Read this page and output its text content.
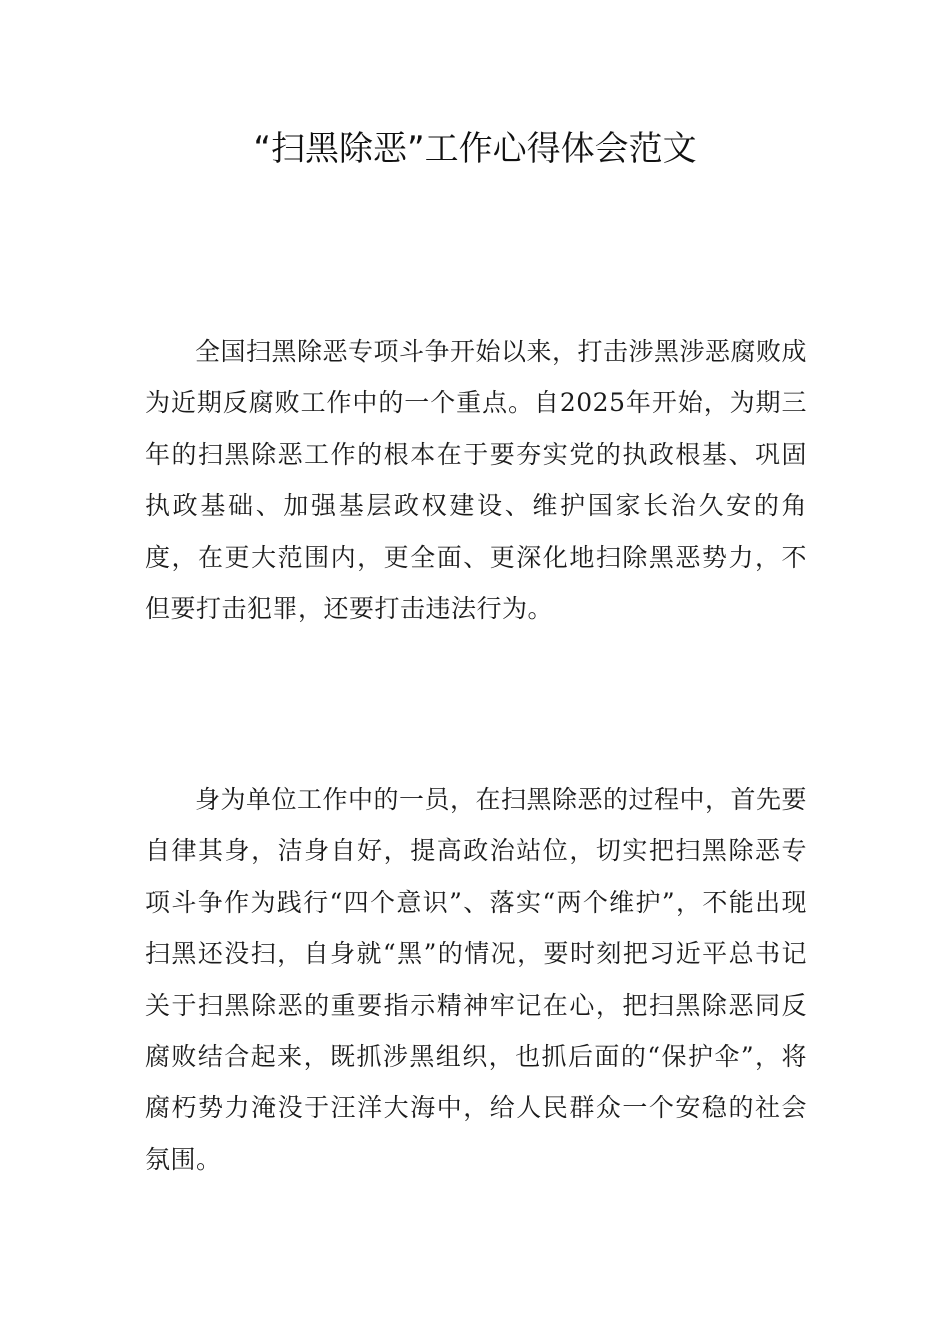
“扫黑除恶”工作心得体会范文

全国扫黑除恶专项斗争开始以来，打击涉黑涉恶腐败成为近期反腐败工作中的一个重点。自2025年开始，为期三年的扫黑除恶工作的根本在于要夯实党的执政根基、巩固执政基础、加强基层政权建设、维护国家长治久安的角度，在更大范围内，更全面、更深化地扫除黑恶势力，不但要打击犯罪，还要打击违法行为。

身为单位工作中的一员，在扫黑除恶的过程中，首先要自律其身，洁身自好，提高政治站位，切实把扫黑除恶专项斗争作为践行“四个意识”、落实“两个维护”，不能出现扫黑还没扫，自身就“黑”的情况，要时刻把习近平总书记关于扫黑除恶的重要指示精神牢记在心，把扫黑除恶同反腐败结合起来，既抓涉黑组织，也抓后面的“保护伞”，将腐朽势力淹没于汪洋大海中，给人民群众一个安稳的社会氛围。
